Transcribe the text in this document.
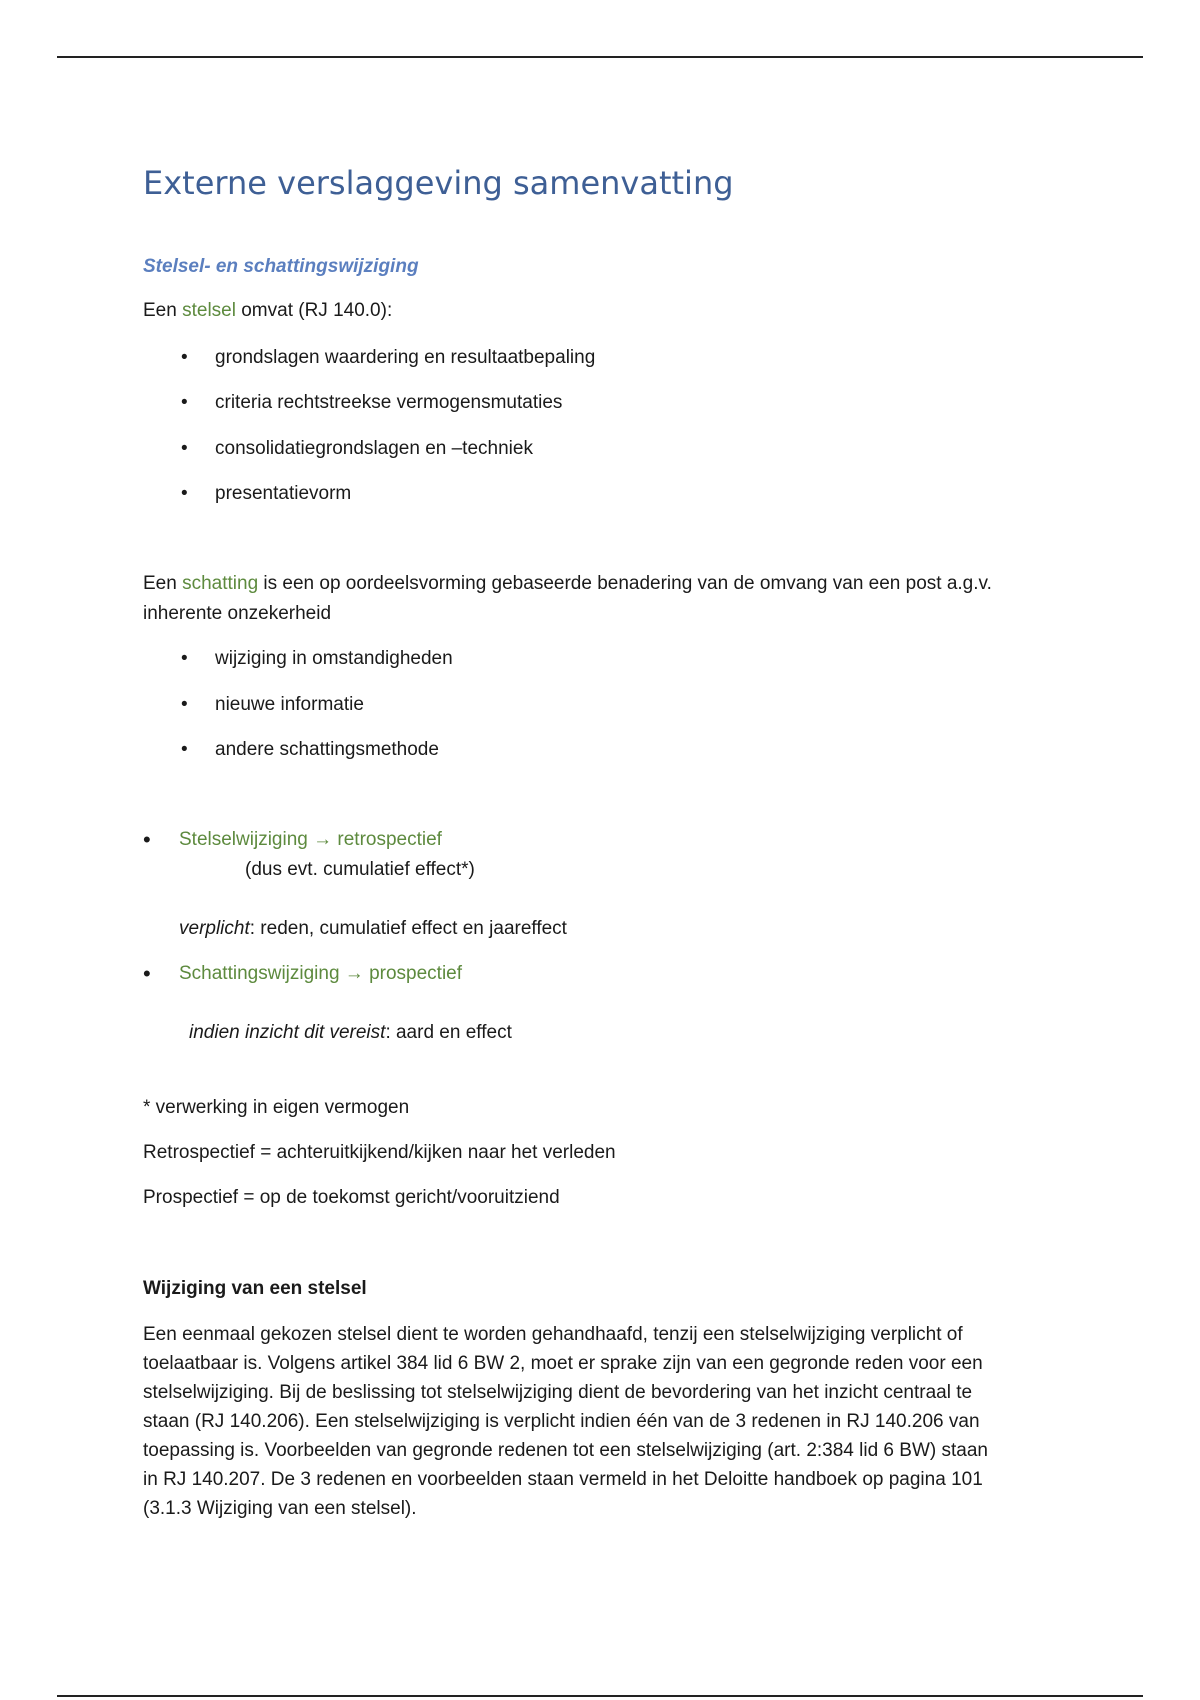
Externe verslaggeving samenvatting
Stelsel- en schattingswijziging
Een stelsel omvat (RJ 140.0):
• grondslagen waardering en resultaatbepaling
• criteria rechtstreekse vermogensmutaties
• consolidatiegrondslagen en –techniek
• presentatievorm
Een schatting is een op oordeelsvorming gebaseerde benadering van de omvang van een post a.g.v.
inherente onzekerheid
• wijziging in omstandigheden
• nieuwe informatie
• andere schattingsmethode
• Stelselwijziging → retrospectief
(dus evt. cumulatief effect*)
verplicht: reden, cumulatief effect en jaareffect
• Schattingswijziging → prospectief
indien inzicht dit vereist: aard en effect
* verwerking in eigen vermogen
Retrospectief = achteruitkijkend/kijken naar het verleden
Prospectief = op de toekomst gericht/vooruitziend
Wijziging van een stelsel
Een eenmaal gekozen stelsel dient te worden gehandhaafd, tenzij een stelselwijziging verplicht of
toelaatbaar is. Volgens artikel 384 lid 6 BW 2, moet er sprake zijn van een gegronde reden voor een
stelselwijziging. Bij de beslissing tot stelselwijziging dient de bevordering van het inzicht centraal te
staan (RJ 140.206). Een stelselwijziging is verplicht indien één van de 3 redenen in RJ 140.206 van
toepassing is. Voorbeelden van gegronde redenen tot een stelselwijziging (art. 2:384 lid 6 BW) staan
in RJ 140.207. De 3 redenen en voorbeelden staan vermeld in het Deloitte handboek op pagina 101
(3.1.3 Wijziging van een stelsel).
